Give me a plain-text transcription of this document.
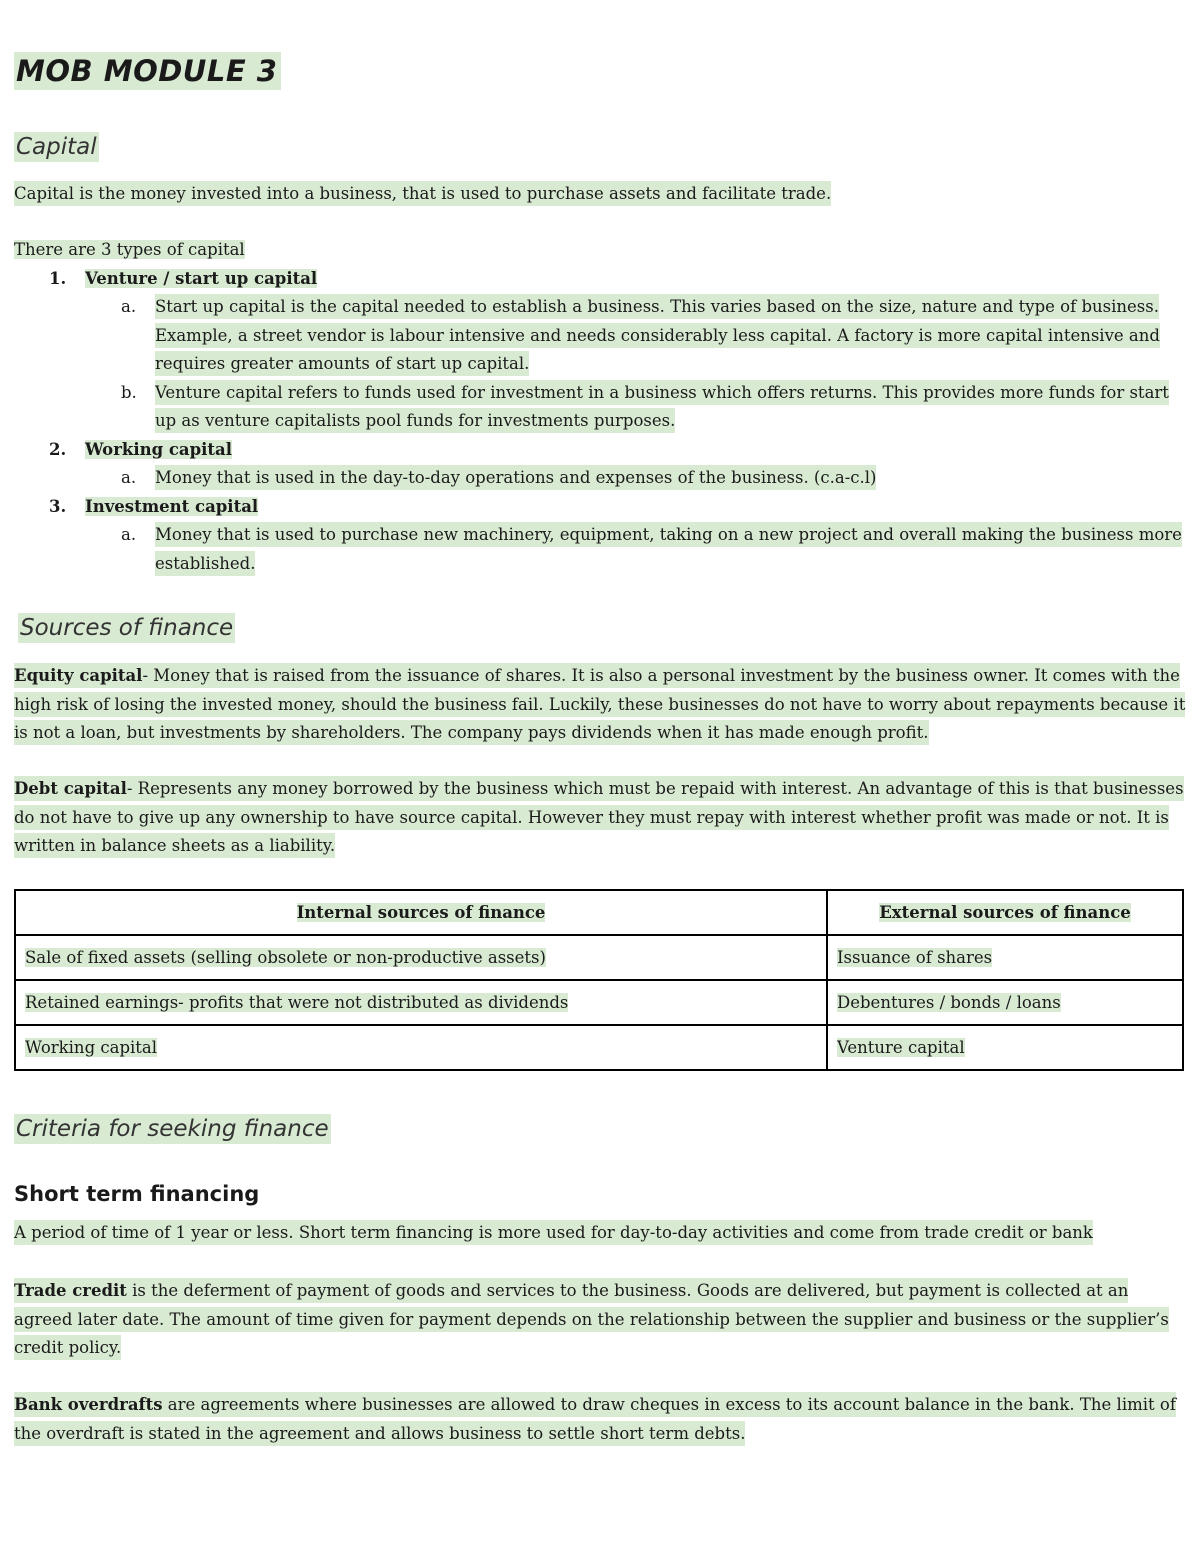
MOB MODULE 3
Capital
Capital is the money invested into a business, that is used to purchase assets and facilitate trade.
There are 3 types of capital
1. Venture / start up capital
a. Start up capital is the capital needed to establish a business. This varies based on the size, nature and type of business. Example, a street vendor is labour intensive and needs considerably less capital. A factory is more capital intensive and requires greater amounts of start up capital.
b. Venture capital refers to funds used for investment in a business which offers returns. This provides more funds for start up as venture capitalists pool funds for investments purposes.
2. Working capital
a. Money that is used in the day-to-day operations and expenses of the business. (c.a-c.l)
3. Investment capital
a. Money that is used to purchase new machinery, equipment, taking on a new project and overall making the business more established.
Sources of finance
Equity capital- Money that is raised from the issuance of shares. It is also a personal investment by the business owner. It comes with the high risk of losing the invested money, should the business fail. Luckily, these businesses do not have to worry about repayments because it is not a loan, but investments by shareholders. The company pays dividends when it has made enough profit.
Debt capital- Represents any money borrowed by the business which must be repaid with interest. An advantage of this is that businesses do not have to give up any ownership to have source capital. However they must repay with interest whether profit was made or not. It is written in balance sheets as a liability.
Internal sources of finance	External sources of finance
Sale of fixed assets (selling obsolete or non-productive assets)	Issuance of shares
Retained earnings- profits that were not distributed as dividends	Debentures / bonds / loans
Working capital	Venture capital
Criteria for seeking finance
Short term financing
A period of time of 1 year or less. Short term financing is more used for day-to-day activities and come from trade credit or bank
Trade credit is the deferment of payment of goods and services to the business. Goods are delivered, but payment is collected at an agreed later date. The amount of time given for payment depends on the relationship between the supplier and business or the supplier’s credit policy.
Bank overdrafts are agreements where businesses are allowed to draw cheques in excess to its account balance in the bank. The limit of the overdraft is stated in the agreement and allows business to settle short term debts.
